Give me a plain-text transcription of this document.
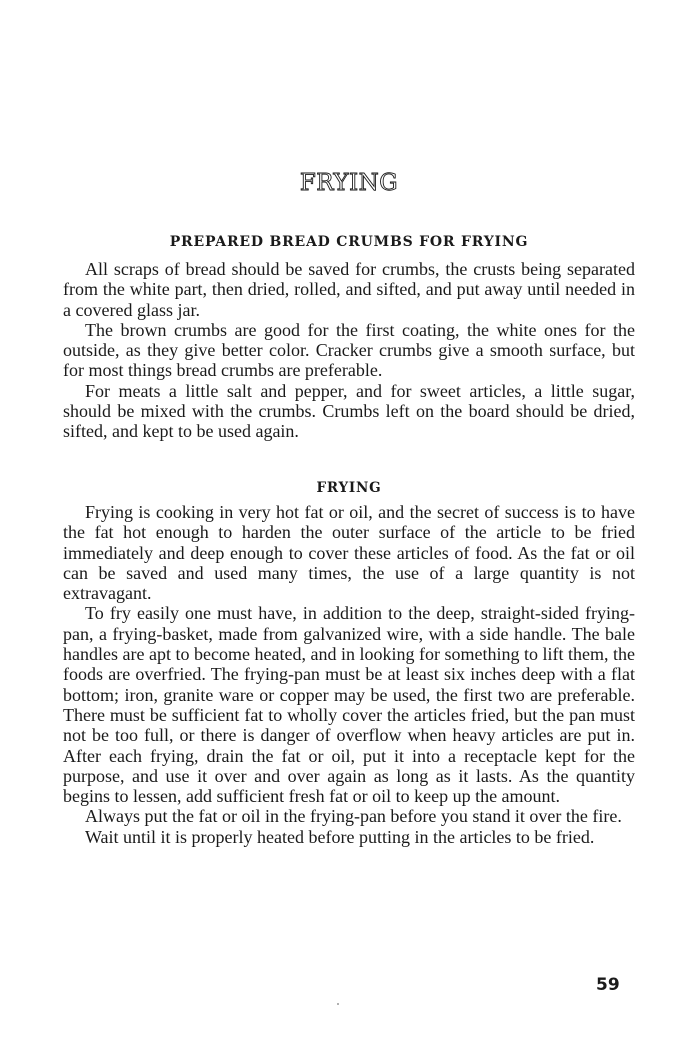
FRYING
PREPARED BREAD CRUMBS FOR FRYING

All scraps of bread should be saved for crumbs, the crusts being separated from the white part, then dried, rolled, and sifted, and put away until needed in a covered glass jar.

The brown crumbs are good for the first coating, the white ones for the outside, as they give better color. Cracker crumbs give a smooth surface, but for most things bread crumbs are preferable.

For meats a little salt and pepper, and for sweet articles, a little sugar, should be mixed with the crumbs. Crumbs left on the board should be dried, sifted, and kept to be used again.

FRYING

Frying is cooking in very hot fat or oil, and the secret of success is to have the fat hot enough to harden the outer surface of the article to be fried immediately and deep enough to cover these articles of food. As the fat or oil can be saved and used many times, the use of a large quantity is not extravagant.

To fry easily one must have, in addition to the deep, straight-sided frying-pan, a frying-basket, made from galvanized wire, with a side handle. The bale handles are apt to become heated, and in looking for something to lift them, the foods are overfried. The frying-pan must be at least six inches deep with a flat bottom; iron, granite ware or copper may be used, the first two are preferable. There must be sufficient fat to wholly cover the articles fried, but the pan must not be too full, or there is danger of overflow when heavy articles are put in. After each frying, drain the fat or oil, put it into a receptacle kept for the purpose, and use it over and over again as long as it lasts. As the quantity begins to lessen, add sufficient fresh fat or oil to keep up the amount.

Always put the fat or oil in the frying-pan before you stand it over the fire.

Wait until it is properly heated before putting in the articles to be fried.

59
